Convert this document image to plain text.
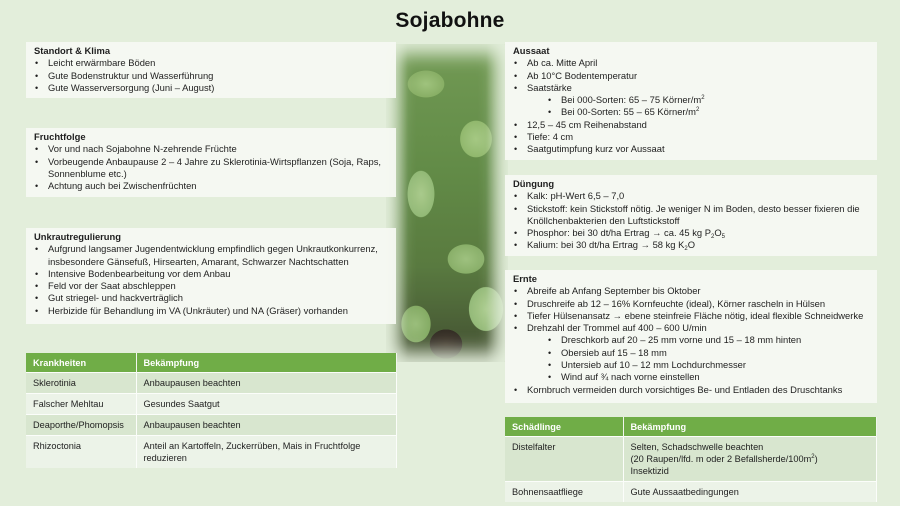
Sojabohne
Standort & Klima
• Leicht erwärmbare Böden
• Gute Bodenstruktur und Wasserführung
• Gute Wasserversorgung (Juni – August)
Fruchtfolge
• Vor und nach Sojabohne N-zehrende Früchte
• Vorbeugende Anbaupause 2 – 4 Jahre zu Sklerotinia-Wirtspflanzen (Soja, Raps, Sonnenblume etc.)
• Achtung auch bei Zwischenfrüchten
Unkrautregulierung
• Aufgrund langsamer Jugendentwicklung empfindlich gegen Unkrautkonkurrenz, insbesondere Gänsefuß, Hirsearten, Amarant, Schwarzer Nachtschatten
• Intensive Bodenbearbeitung vor dem Anbau
• Feld vor der Saat abschleppen
• Gut striegel- und hackverträglich
• Herbizide für Behandlung im VA (Unkräuter) und NA (Gräser) vorhanden
Krankheiten	Bekämpfung
Sklerotinia	Anbaupausen beachten
Falscher Mehltau	Gesundes Saatgut
Deaporthe/Phomopsis	Anbaupausen beachten
Rhizoctonia	Anteil an Kartoffeln, Zuckerrüben, Mais in Fruchtfolge reduzieren
Aussaat
• Ab ca. Mitte April
• Ab 10°C Bodentemperatur
• Saatstärke
• Bei 000-Sorten: 65 – 75 Körner/$m^2$
• Bei 00-Sorten: 55 – 65 Körner/$m^2$
• 12,5 – 45 cm Reihenabstand
• Tiefe: 4 cm
• Saatgutimpfung kurz vor Aussaat
Düngung
• Kalk: pH-Wert 6,5 – 7,0
• Stickstoff: kein Stickstoff nötig. Je weniger N im Boden, desto besser fixieren die Knöllchenbakterien den Luftstickstoff
• Phosphor: bei 30 dt/ha Ertrag → ca. 45 kg $P_2O_5$
• Kalium: bei 30 dt/ha Ertrag → 58 kg $K_2O$
Ernte
• Abreife ab Anfang September bis Oktober
• Druschreife ab 12 – 16% Kornfeuchte (ideal), Körner rascheln in Hülsen
• Tiefer Hülsenansatz → ebene steinfreie Fläche nötig, ideal flexible Schneidwerke
• Drehzahl der Trommel auf 400 – 600 U/min
• Dreschkorb auf 20 – 25 mm vorne und 15 – 18 mm hinten
• Obersieb auf 15 – 18 mm
• Untersieb auf 10 – 12 mm Lochdurchmesser
• Wind auf ¾ nach vorne einstellen
• Kornbruch vermeiden durch vorsichtiges Be- und Entladen des Druschtanks
Schädlinge	Bekämpfung
Distelfalter	Selten, Schadschwelle beachten
(20 Raupen/lfd. m oder 2 Befallsherde/$100m^2$)
Insektizid

Bohnensaatfliege	Gute Aussaatbedingungen
